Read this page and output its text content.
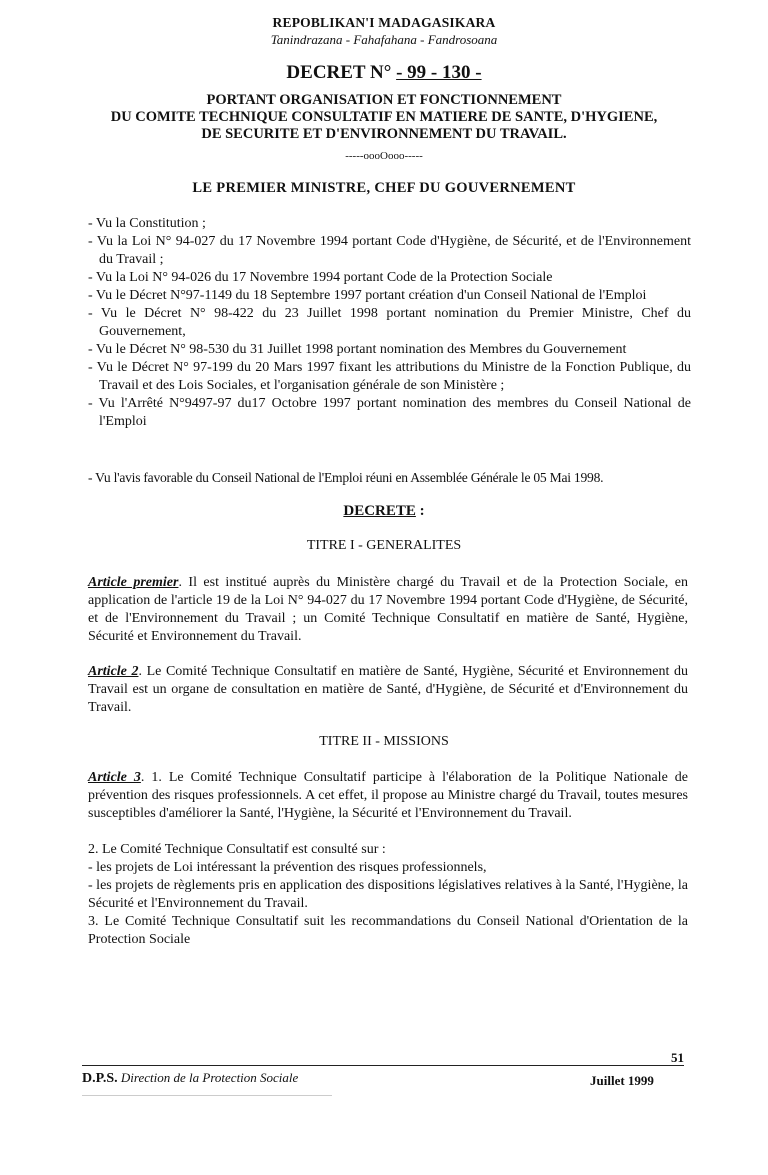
REPOBLIKAN'I MADAGASIKARA
Tanindrazana - Fahafahana - Fandrosoana
DECRET N° - 99 - 130 -
PORTANT ORGANISATION ET FONCTIONNEMENT
DU COMITE TECHNIQUE CONSULTATIF EN MATIERE DE SANTE, D'HYGIENE,
DE SECURITE ET D'ENVIRONNEMENT DU TRAVAIL.
-----oooOooo-----
LE PREMIER MINISTRE, CHEF DU GOUVERNEMENT
- Vu la Constitution ;
- Vu la Loi N° 94-027 du 17 Novembre 1994 portant Code d'Hygiène, de Sécurité, et de l'Environnement du Travail ;
- Vu la Loi N° 94-026 du 17 Novembre 1994 portant Code de la Protection Sociale
- Vu le Décret N°97-1149 du 18 Septembre 1997 portant création d'un Conseil National de l'Emploi
- Vu le Décret N° 98-422 du 23 Juillet 1998 portant nomination du Premier Ministre, Chef du Gouvernement,
- Vu le Décret N° 98-530 du 31 Juillet 1998 portant nomination des Membres du Gouvernement
- Vu le Décret N° 97-199 du 20 Mars 1997 fixant les attributions du Ministre de la Fonction Publique, du Travail et des Lois Sociales, et l'organisation générale de son Ministère ;
- Vu l'Arrêté N°9497-97 du17 Octobre 1997 portant nomination des membres du Conseil National de l'Emploi
- Vu l'avis favorable du Conseil National de l'Emploi réuni en Assemblée Générale le 05 Mai 1998.
DECRETE :
TITRE I - GENERALITES

Article premier. Il est institué auprès du Ministère chargé du Travail et de la Protection Sociale, en application de l'article 19 de la Loi N° 94-027 du 17 Novembre 1994 portant Code d'Hygiène, de Sécurité, et de l'Environnement du Travail ; un Comité Technique Consultatif en matière de Santé, Hygiène, Sécurité et Environnement du Travail.

Article 2. Le Comité Technique Consultatif en matière de Santé, Hygiène, Sécurité et Environnement du Travail est un organe de consultation en matière de Santé, d'Hygiène, de Sécurité et d'Environnement du Travail.

TITRE II - MISSIONS

Article 3. 1. Le Comité Technique Consultatif participe à l'élaboration de la Politique Nationale de prévention des risques professionnels. A cet effet, il propose au Ministre chargé du Travail, toutes mesures susceptibles d'améliorer la Santé, l'Hygiène, la Sécurité et l'Environnement du Travail.

2. Le Comité Technique Consultatif est consulté sur :
- les projets de Loi intéressant la prévention des risques professionnels,
- les projets de règlements pris en application des dispositions législatives relatives à la Santé, l'Hygiène, la Sécurité et l'Environnement du Travail.
3. Le Comité Technique Consultatif suit les recommandations du Conseil National d'Orientation de la Protection Sociale
51
D.P.S. Direction de la Protection Sociale	Juillet 1999
